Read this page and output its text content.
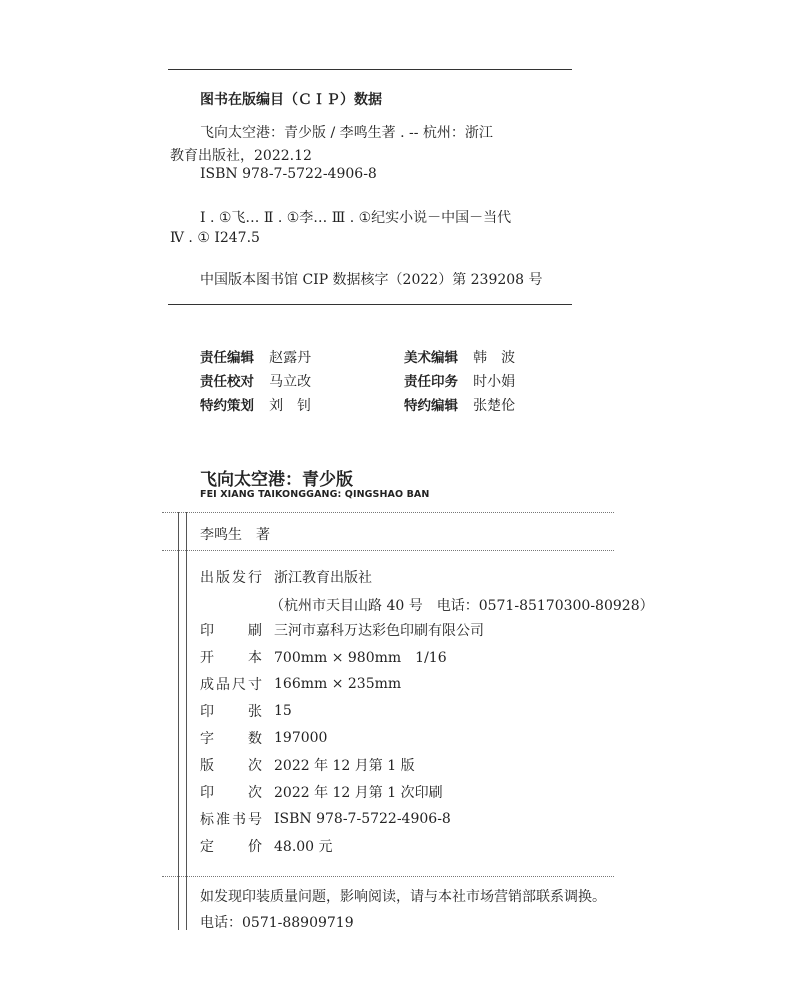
图书在版编目（ＣＩＰ）数据
飞向太空港：青少版 / 李鸣生著 . -- 杭州：浙江
教育出版社，2022.12
ISBN 978-7-5722-4906-8
Ⅰ . ①飞… Ⅱ . ①李… Ⅲ . ①纪实小说－中国－当代
Ⅳ . ① I247.5
中国版本图书馆 CIP 数据核字（2022）第 239208 号
责任编辑 赵露丹	美术编辑 韩　波
责任校对 马立改	责任印务 时小娟
特约策划 刘　钊	特约编辑 张楚伦
飞向太空港：青少版
FEI XIANG TAIKONGGANG: QINGSHAO BAN
李鸣生　著
出版发行 浙江教育出版社
（杭州市天目山路 40 号　电话：0571-85170300-80928）
印刷 三河市嘉科万达彩色印刷有限公司
开本 700mm × 980mm　1/16
成品尺寸 166mm × 235mm
印张 15
字数 197000
版次 2022 年 12 月第 1 版
印次 2022 年 12 月第 1 次印刷
标准书号 ISBN 978-7-5722-4906-8
定价 48.00 元
如发现印装质量问题，影响阅读，请与本社市场营销部联系调换。
电话：0571-88909719
